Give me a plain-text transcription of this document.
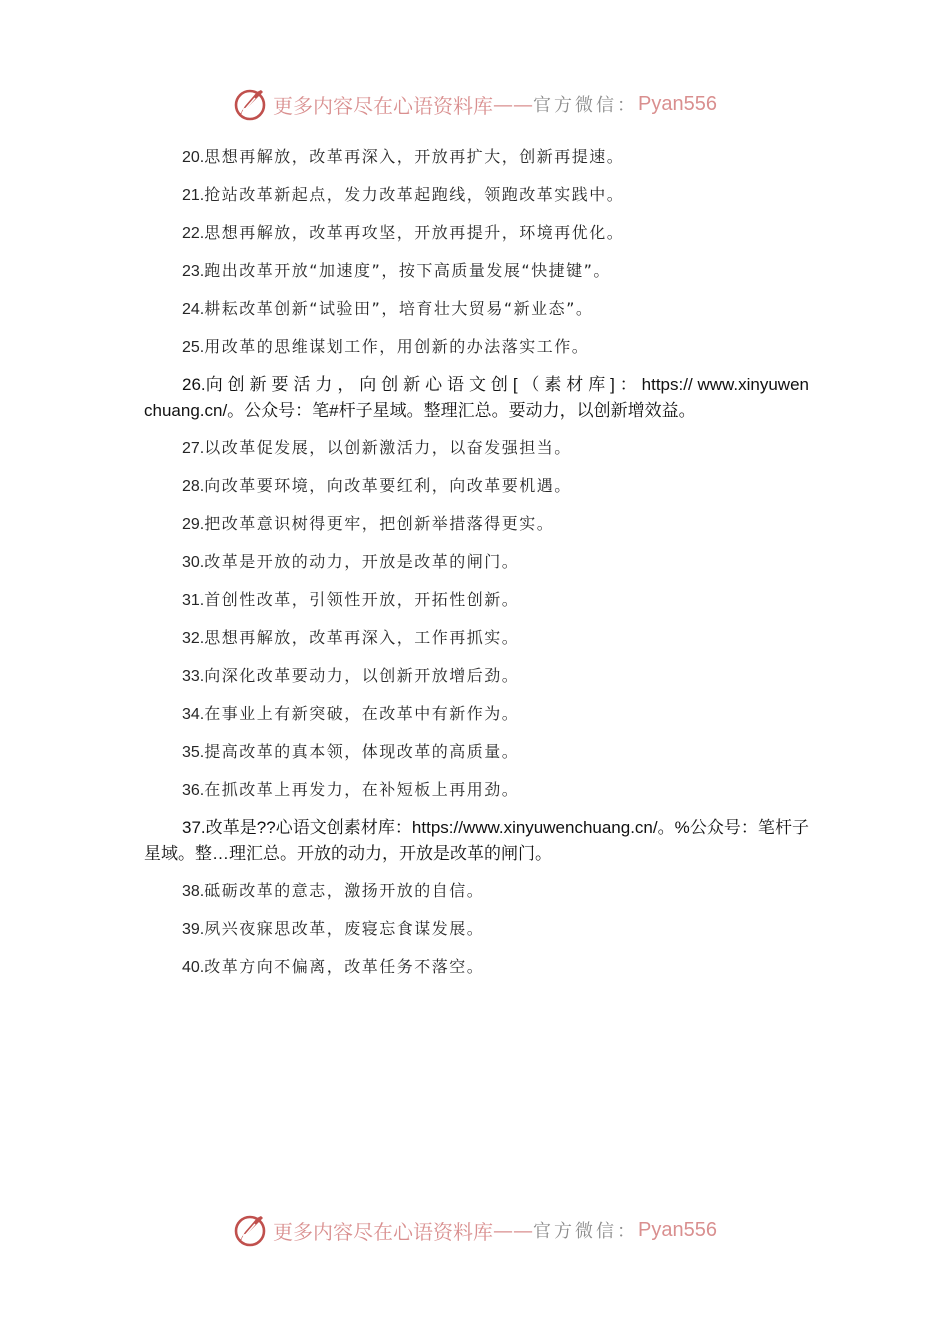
更多内容尽在心语资料库 —— 官方微信： Pyan556
20.思想再解放，改革再深入，开放再扩大，创新再提速。
21.抢站改革新起点，发力改革起跑线，领跑改革实践中。
22.思想再解放，改革再攻坚，开放再提升，环境再优化。
23.跑出改革开放“加速度”，按下高质量发展“快捷键”。
24.耕耘改革创新“试验田”，培育壮大贸易“新业态”。
25.用改革的思维谋划工作，用创新的办法落实工作。
26.向 创 新 要 活 力 ， 向 创 新 心 语 文 创 [ （ 素 材 库 ] ： https:// www.xinyuwenchuang.cn/。公众号：笔#杆子星域。整理汇总。要动力，以创新增效益。
27.以改革促发展，以创新激活力，以奋发强担当。
28.向改革要环境，向改革要红利，向改革要机遇。
29.把改革意识树得更牢，把创新举措落得更实。
30.改革是开放的动力，开放是改革的闸门。
31.首创性改革，引领性开放，开拓性创新。
32.思想再解放，改革再深入，工作再抓实。
33.向深化改革要动力，以创新开放增后劲。
34.在事业上有新突破，在改革中有新作为。
35.提高改革的真本领，体现改革的高质量。
36.在抓改革上再发力，在补短板上再用劲。
37.改革是??心语文创素材库：https://www.xinyuwenchuang.cn/。%公众号：笔杆子星域。整…理汇总。开放的动力，开放是改革的闸门。
38.砥砺改革的意志，激扬开放的自信。
39.夙兴夜寐思改革，废寝忘食谋发展。
40.改革方向不偏离，改革任务不落空。
更多内容尽在心语资料库 —— 官方微信： Pyan556
